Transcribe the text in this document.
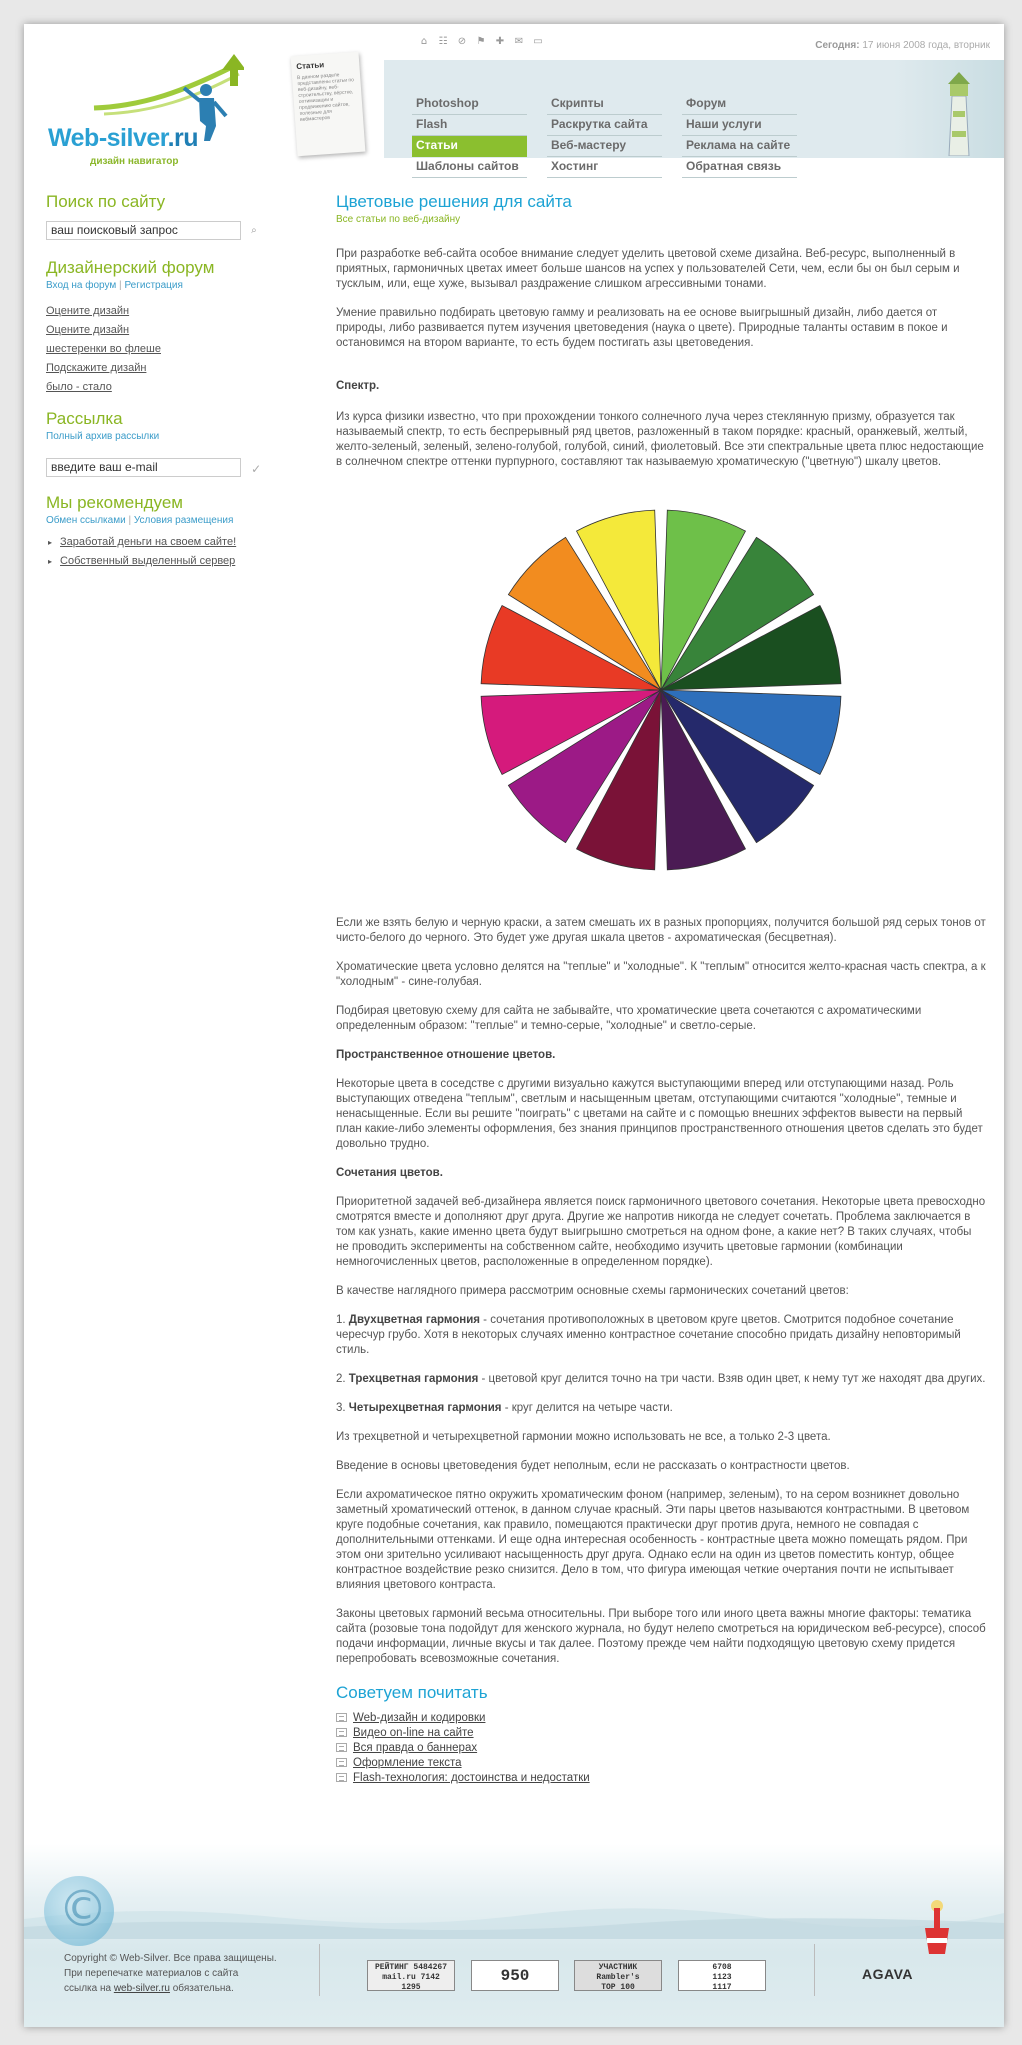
Web-silver.ru
дизайн навигатор
Статьи
В данном разделе представлены статьи по веб-дизайну, веб-строительству, вёрстке, оптимизации и продвижению сайтов, полезные для вебмастеров
⌂ ☷ ⊘ ⚑ ✚ ✉ ▭	Сегодня: 17 июня 2008 года, вторник
Photoshop
Flash
Статьи
Шаблоны сайтов
Скрипты
Раскрутка сайта
Веб-мастеру
Хостинг
Форум
Наши услуги
Реклама на сайте
Обратная связь
Поиск по сайту
ваш поисковый запрос	⌕
Дизайнерский форум
Вход на форум | Регистрация
Оцените дизайн
Оцените дизайн
шестеренки во флеше
Подскажите дизайн
было - стало
Рассылка
Полный архив рассылки
введите ваш e-mail	✓
Мы рекомендуем
Обмен ссылками | Условия размещения
▸ Заработай деньги на своем сайте!
▸ Собственный выделенный сервер
Цветовые решения для сайта
Все статьи по веб-дизайну

При разработке веб-сайта особое внимание следует уделить цветовой схеме дизайна. Веб-ресурс, выполненный в приятных, гармоничных цветах имеет больше шансов на успех у пользователей Сети, чем, если бы он был серым и тусклым, или, еще хуже, вызывал раздражение слишком агрессивными тонами.

Умение правильно подбирать цветовую гамму и реализовать на ее основе выигрышный дизайн, либо дается от природы, либо развивается путем изучения цветоведения (наука о цвете). Природные таланты оставим в покое и остановимся на втором варианте, то есть будем постигать азы цветоведения.

Спектр.

Из курса физики известно, что при прохождении тонкого солнечного луча через стеклянную призму, образуется так называемый спектр, то есть беспрерывный ряд цветов, разложенный в таком порядке: красный, оранжевый, желтый, желто-зеленый, зеленый, зелено-голубой, голубой, синий, фиолетовый. Все эти спектральные цвета плюс недостающие в солнечном спектре оттенки пурпурного, составляют так называемую хроматическую ("цветную") шкалу цветов.

Если же взять белую и черную краски, а затем смешать их в разных пропорциях, получится большой ряд серых тонов от чисто-белого до черного. Это будет уже другая шкала цветов - ахроматическая (бесцветная).

Хроматические цвета условно делятся на "теплые" и "холодные". К "теплым" относится желто-красная часть спектра, а к "холодным" - сине-голубая.

Подбирая цветовую схему для сайта не забывайте, что хроматические цвета сочетаются с ахроматическими определенным образом: "теплые" и темно-серые, "холодные" и светло-серые.

Пространственное отношение цветов.

Некоторые цвета в соседстве с другими визуально кажутся выступающими вперед или отступающими назад. Роль выступающих отведена "теплым", светлым и насыщенным цветам, отступающими считаются "холодные", темные и ненасыщенные. Если вы решите "поиграть" с цветами на сайте и с помощью внешних эффектов вывести на первый план какие-либо элементы оформления, без знания принципов пространственного отношения цветов сделать это будет довольно трудно.

Сочетания цветов.

Приоритетной задачей веб-дизайнера является поиск гармоничного цветового сочетания. Некоторые цвета превосходно смотрятся вместе и дополняют друг друга. Другие же напротив никогда не следует сочетать. Проблема заключается в том как узнать, какие именно цвета будут выигрышно смотреться на одном фоне, а какие нет? В таких случаях, чтобы не проводить эксперименты на собственном сайте, необходимо изучить цветовые гармонии (комбинации немногочисленных цветов, расположенные в определенном порядке).

В качестве наглядного примера рассмотрим основные схемы гармонических сочетаний цветов:

1. Двухцветная гармония - сочетания противоположных в цветовом круге цветов. Смотрится подобное сочетание чересчур грубо. Хотя в некоторых случаях именно контрастное сочетание способно придать дизайну неповторимый стиль.

2. Трехцветная гармония - цветовой круг делится точно на три части. Взяв один цвет, к нему тут же находят два других.

3. Четырехцветная гармония - круг делится на четыре части.

Из трехцветной и четырехцветной гармонии можно использовать не все, а только 2-3 цвета.

Введение в основы цветоведения будет неполным, если не рассказать о контрастности цветов.

Если ахроматическое пятно окружить хроматическим фоном (например, зеленым), то на сером возникнет довольно заметный хроматический оттенок, в данном случае красный. Эти пары цветов называются контрастными. В цветовом круге подобные сочетания, как правило, помещаются практически друг против друга, немного не совпадая с дополнительными оттенками. И еще одна интересная особенность - контрастные цвета можно помещать рядом. При этом они зрительно усиливают насыщенность друг друга. Однако если на один из цветов поместить контур, общее контрастное воздействие резко снизится. Дело в том, что фигура имеющая четкие очертания почти не испытывает влияния цветового контраста.

Законы цветовых гармоний весьма относительны. При выборе того или иного цвета важны многие факторы: тематика сайта (розовые тона подойдут для женского журнала, но будут нелепо смотреться на юридическом веб-ресурсе), способ подачи информации, личные вкусы и так далее. Поэтому прежде чем найти подходящую цветовую схему придется перепробовать всевозможные сочетания.

Советуем почитать
Web-дизайн и кодировки
Видео on-line на сайте
Вся правда о баннерах
Оформление текста
Flash-технология: достоинства и недостатки
©
Copyright © Web-Silver. Все права защищены.
При перепечатке материалов с сайта
ссылка на web-silver.ru обязательна.
РЕЙТИНГ 5484267
mail.ru 7142
1295
950	УЧАСТНИК
Rambler's
TOP 100
6708
1123
1117
AGAVA
